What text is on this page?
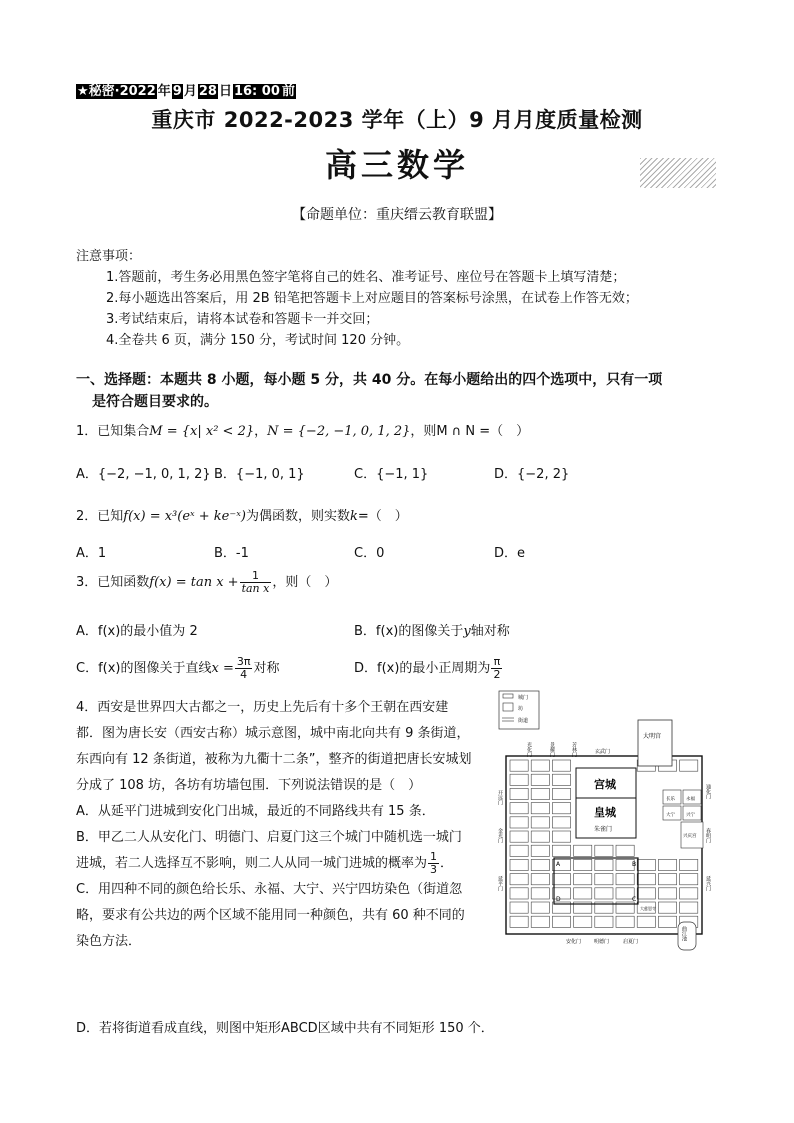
★秘密·2022 年 9 月 28 日 16: 00 前
重庆市 2022-2023 学年（上）9 月月度质量检测
高三数学
【命题单位：重庆缙云教育联盟】
注意事项：
1.答题前，考生务必用黑色签字笔将自己的姓名、准考证号、座位号在答题卡上填写清楚；
2.每小题选出答案后，用 2B 铅笔把答题卡上对应题目的答案标号涂黑，在试卷上作答无效；
3.考试结束后，请将本试卷和答题卡一并交回；
4.全卷共 6 页，满分 150 分，考试时间 120 分钟。
一、选择题：本题共 8 小题，每小题 5 分，共 40 分。在每小题给出的四个选项中，只有一项
是符合题目要求的。
1．已知集合M = {x| x² < 2}，N = {−2, −1, 0, 1, 2}，则M ∩ N =（　）
A．{−2, −1, 0, 1, 2} B．{−1, 0, 1}	C．{−1, 1}	D．{−2, 2}
2．已知f(x) = x³(eˣ + ke⁻ˣ)为偶函数，则实数k=（　）
A．1	B．-1	C．0	D．e
3．已知函数$f(x) = \tan x + \frac{1}{\text{tan x}}$ ，则（　）
A．f(x)的最小值为 2	B．f(x)的图像关于y轴对称
C．f(x)的图像关于直线$x = \frac{3\pi}{4}$ 对称	D．f(x)的最小正周期为 $\frac{\pi}{2}$
4．西安是世界四大古都之一，历史上先后有十多个王朝在西安建
都．图为唐长安（西安古称）城示意图，城中南北向共有 9 条街道，
东西向有 12 条街道，被称为九衢十二条”，整齐的街道把唐长安城划
分成了 108 坊，各坊有坊墙包围．下列说法错误的是（　）
A．从延平门进城到安化门出城，最近的不同路线共有 15 条．
B．甲乙二人从安化门、明德门、启夏门这三个城门中随机选一城门
进城，若二人选择互不影响，则二人从同一城门进城的概率为 $\frac{1}{3}$ ．
C．用四种不同的颜色给长乐、永福、大宁、兴宁四坊染色（街道忽
略，要求有公共边的两个区域不能用同一种颜色，共有 60 种不同的
染色方法．
D．若将街道看成直线，则图中矩形ABCD区域中共有不同矩形 150 个．
城门
坊
街道
光化门	景耀门	芳林门	玄武门
大明宫
宫城
皇城
朱雀门
长乐 永福
大宁 兴宁
兴庆宫
开远门
金光门
延平门
通化门
春明门
延兴门
安化门	明德门	启夏门
曲江池
大慈恩寺
A	B
C
D
